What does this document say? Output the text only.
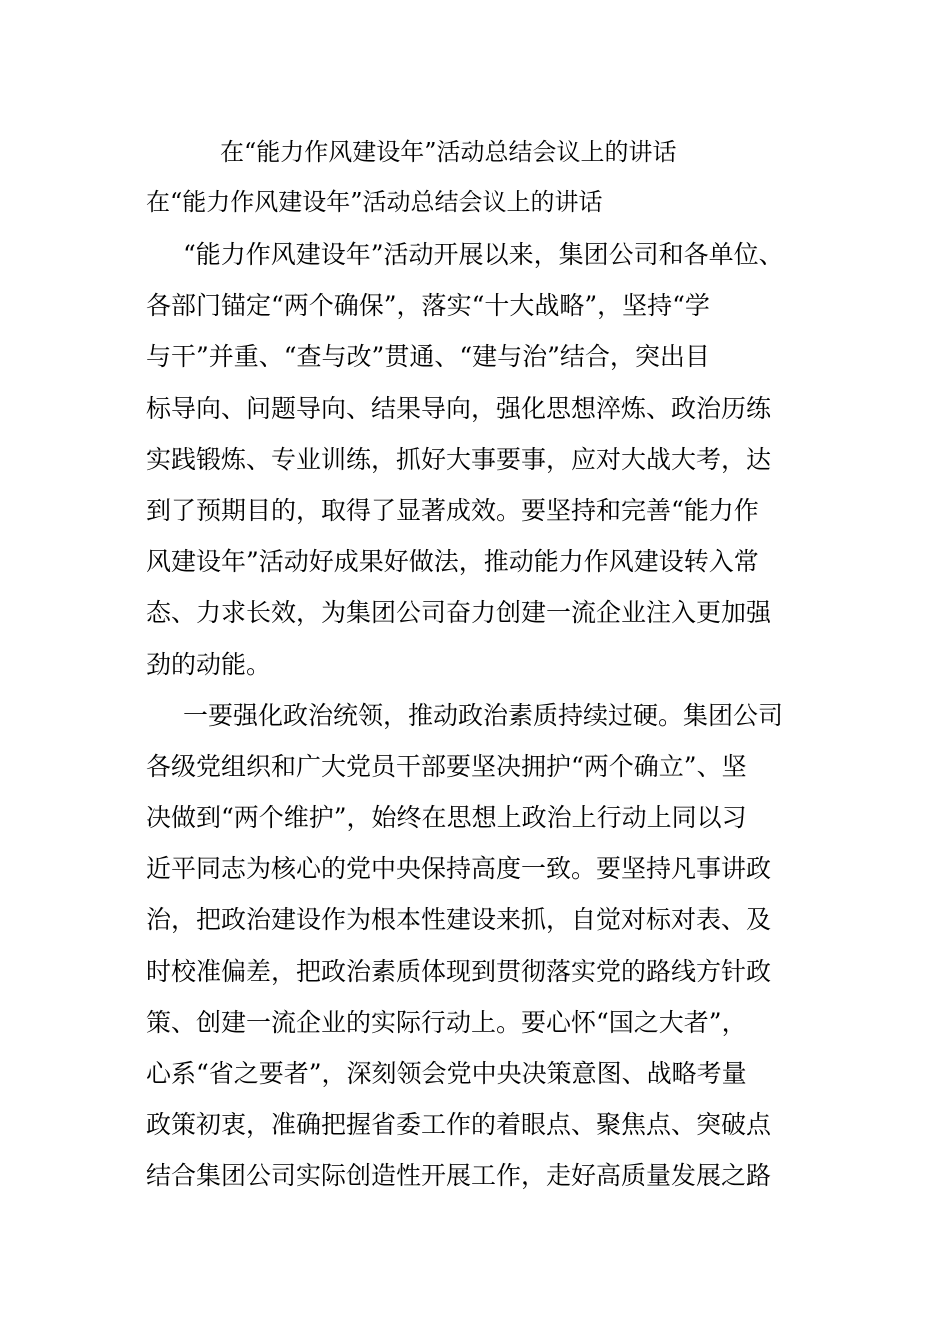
在“能力作风建设年”活动总结会议上的讲话
在“能力作风建设年”活动总结会议上的讲话
“能力作风建设年”活动开展以来，集团公司和各单位、
各部门锚定“两个确保”，落实“十大战略”，坚持“学
与干”并重、“查与改”贯通、“建与治”结合，突出目
标导向、问题导向、结果导向，强化思想淬炼、政治历练
实践锻炼、专业训练，抓好大事要事，应对大战大考，达
到了预期目的，取得了显著成效。要坚持和完善“能力作
风建设年”活动好成果好做法，推动能力作风建设转入常
态、力求长效，为集团公司奋力创建一流企业注入更加强
劲的动能。
一要强化政治统领，推动政治素质持续过硬。集团公司
各级党组织和广大党员干部要坚决拥护“两个确立”、坚
决做到“两个维护”，始终在思想上政治上行动上同以习
近平同志为核心的党中央保持高度一致。要坚持凡事讲政
治，把政治建设作为根本性建设来抓，自觉对标对表、及
时校准偏差，把政治素质体现到贯彻落实党的路线方针政
策、创建一流企业的实际行动上。要心怀“国之大者”，
心系“省之要者”，深刻领会党中央决策意图、战略考量
政策初衷，准确把握省委工作的着眼点、聚焦点、突破点
结合集团公司实际创造性开展工作，走好高质量发展之路
